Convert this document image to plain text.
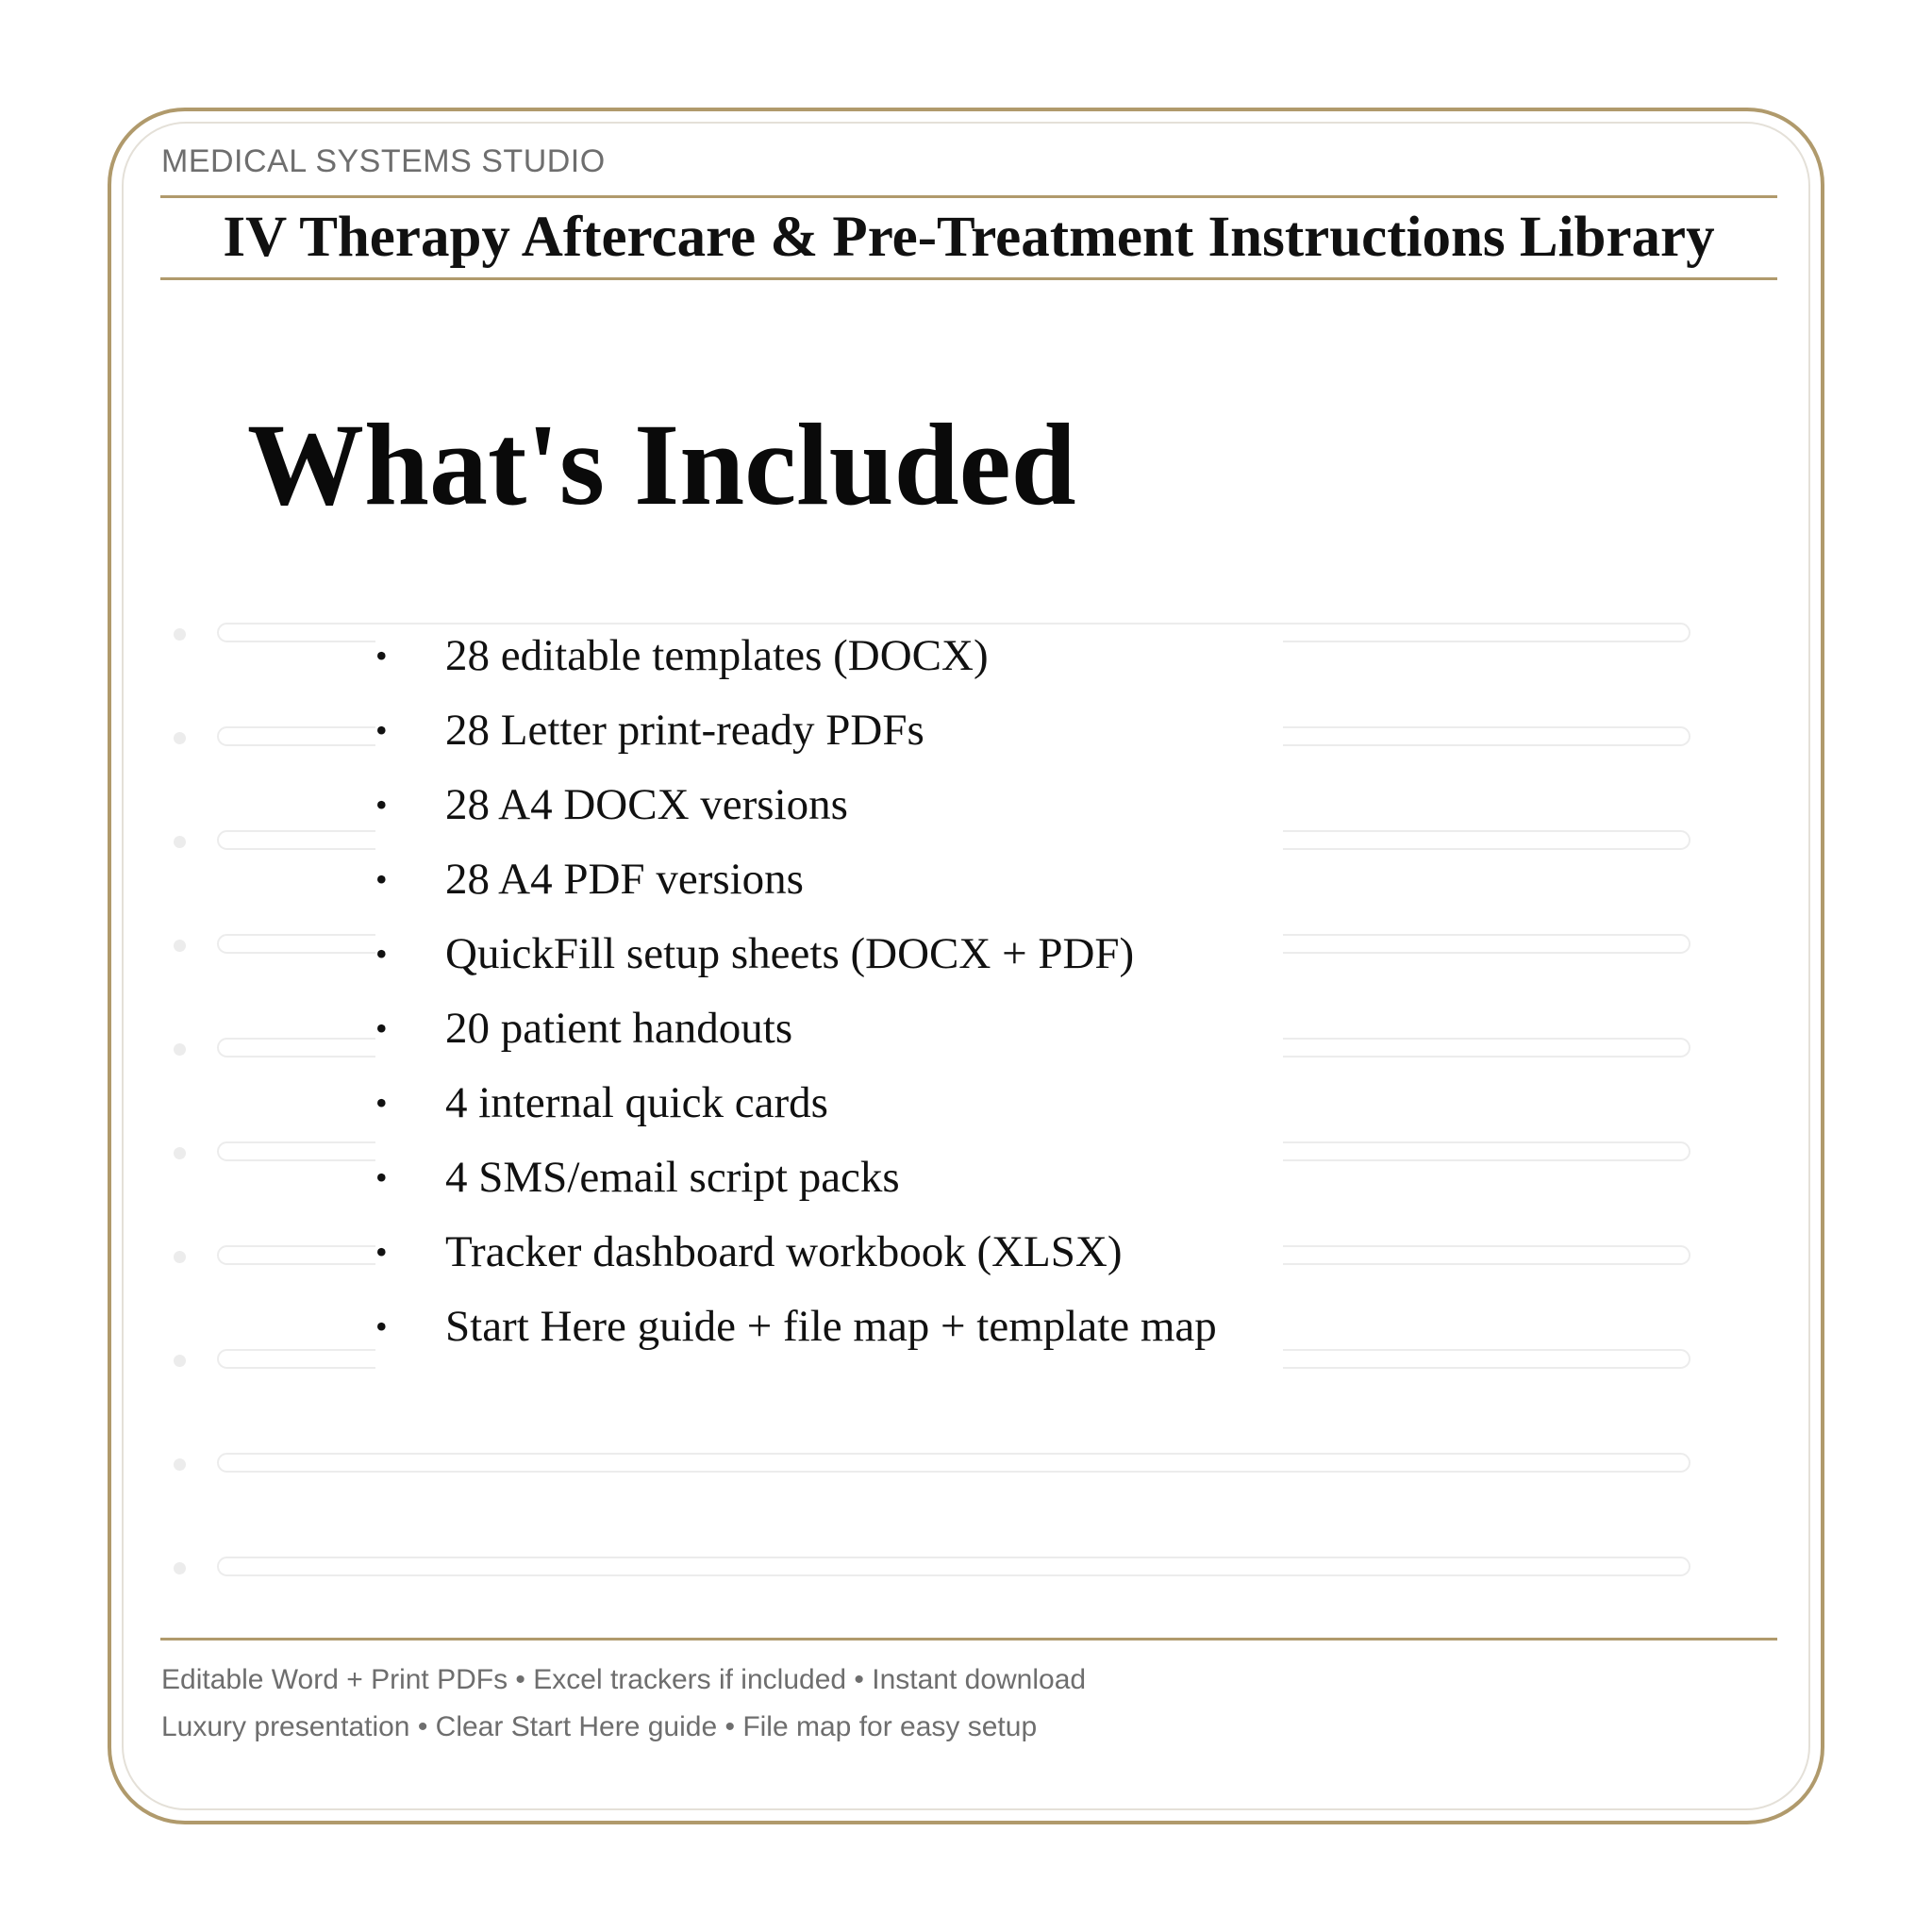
MEDICAL SYSTEMS STUDIO
IV Therapy Aftercare & Pre-Treatment Instructions Library
What's Included
•	28 editable templates (DOCX)
•	28 Letter print-ready PDFs
•	28 A4 DOCX versions
•	28 A4 PDF versions
•	QuickFill setup sheets (DOCX + PDF)
•	20 patient handouts
•	4 internal quick cards
•	4 SMS/email script packs
•	Tracker dashboard workbook (XLSX)
•	Start Here guide + file map + template map
Editable Word + Print PDFs • Excel trackers if included • Instant download
Luxury presentation • Clear Start Here guide • File map for easy setup
